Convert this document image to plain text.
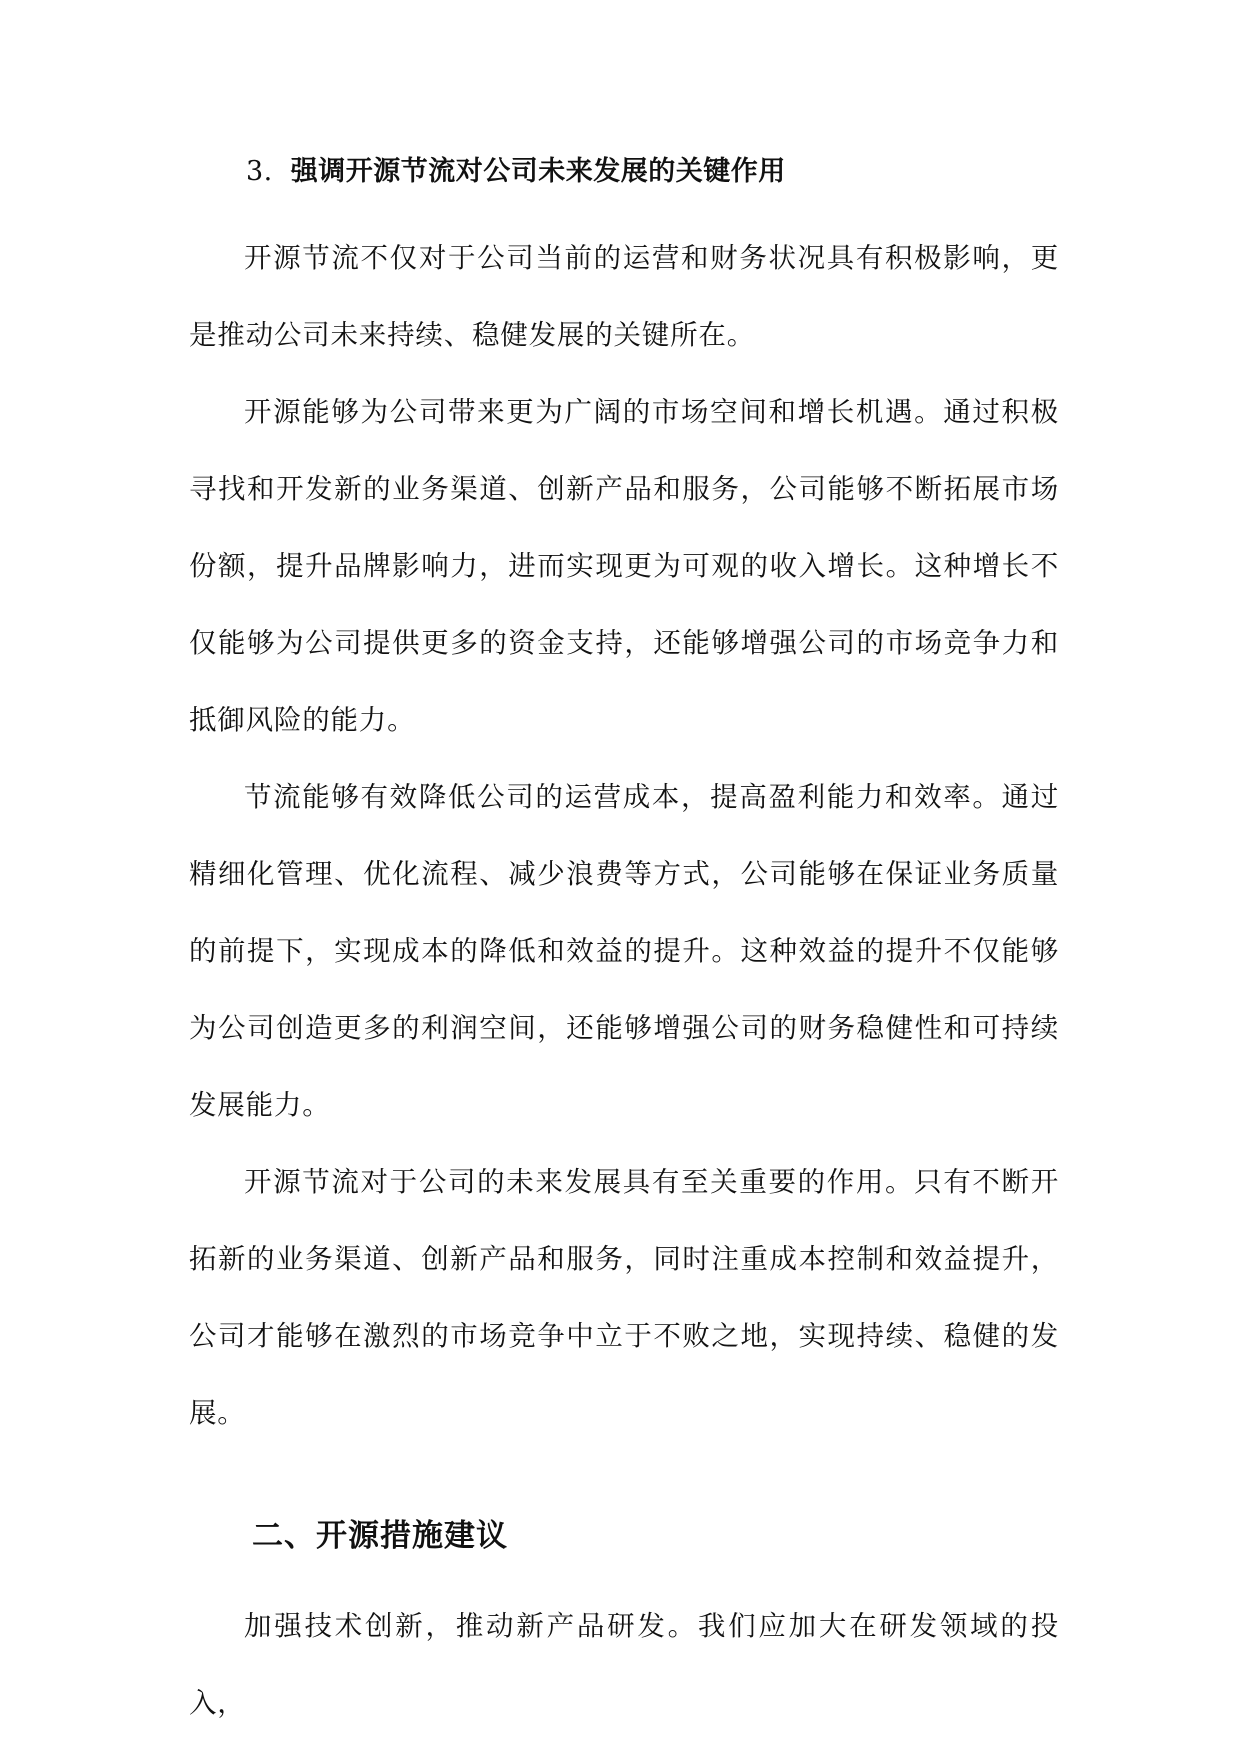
3. 强调开源节流对公司未来发展的关键作用

开源节流不仅对于公司当前的运营和财务状况具有积极影响，更是推动公司未来持续、稳健发展的关键所在。

开源能够为公司带来更为广阔的市场空间和增长机遇。通过积极寻找和开发新的业务渠道、创新产品和服务，公司能够不断拓展市场份额，提升品牌影响力，进而实现更为可观的收入增长。这种增长不仅能够为公司提供更多的资金支持，还能够增强公司的市场竞争力和抵御风险的能力。

节流能够有效降低公司的运营成本，提高盈利能力和效率。通过精细化管理、优化流程、减少浪费等方式，公司能够在保证业务质量的前提下，实现成本的降低和效益的提升。这种效益的提升不仅能够为公司创造更多的利润空间，还能够增强公司的财务稳健性和可持续发展能力。

开源节流对于公司的未来发展具有至关重要的作用。只有不断开拓新的业务渠道、创新产品和服务，同时注重成本控制和效益提升，公司才能够在激烈的市场竞争中立于不败之地，实现持续、稳健的发展。

二、开源措施建议

加强技术创新，推动新产品研发。我们应加大在研发领域的投入，
